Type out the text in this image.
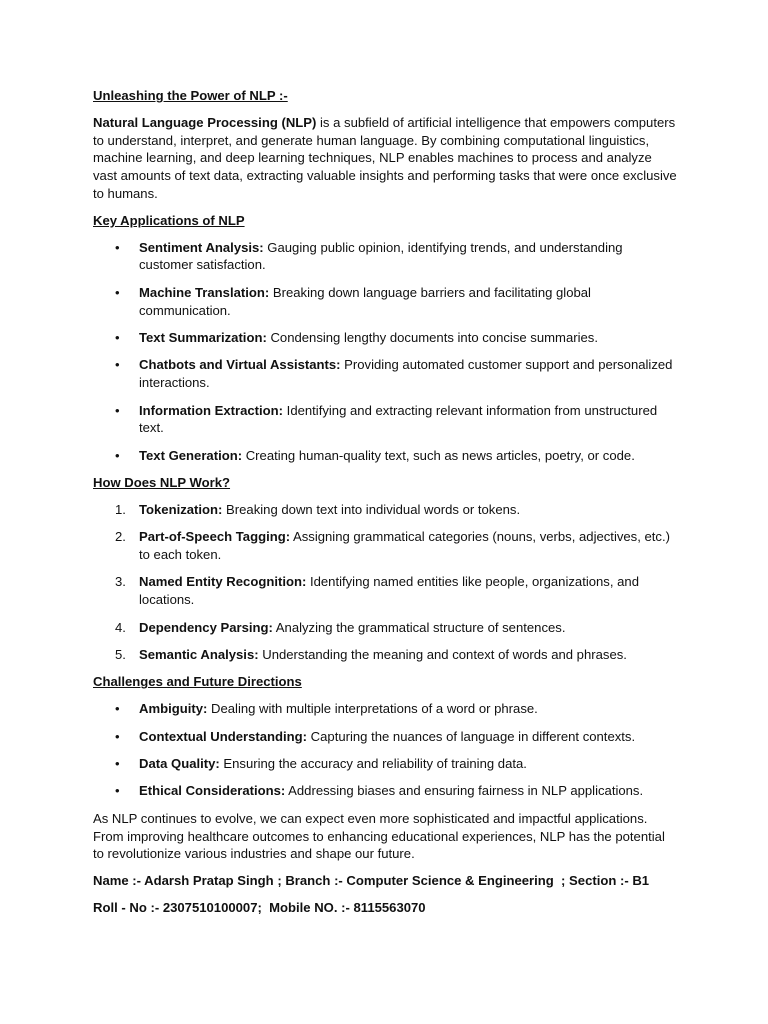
Unleashing the Power of NLP :-

Natural Language Processing (NLP) is a subfield of artificial intelligence that empowers computers to understand, interpret, and generate human language. By combining computational linguistics, machine learning, and deep learning techniques, NLP enables machines to process and analyze vast amounts of text data, extracting valuable insights and performing tasks that were once exclusive to humans.

Key Applications of NLP
•	Sentiment Analysis: Gauging public opinion, identifying trends, and understanding customer satisfaction.
•	Machine Translation: Breaking down language barriers and facilitating global communication.
•	Text Summarization: Condensing lengthy documents into concise summaries.
•	Chatbots and Virtual Assistants: Providing automated customer support and personalized interactions.
•	Information Extraction: Identifying and extracting relevant information from unstructured text.
•	Text Generation: Creating human-quality text, such as news articles, poetry, or code.
How Does NLP Work?
1. Tokenization: Breaking down text into individual words or tokens.
2. Part-of-Speech Tagging: Assigning grammatical categories (nouns, verbs, adjectives, etc.) to each token.
3. Named Entity Recognition: Identifying named entities like people, organizations, and locations.
4. Dependency Parsing: Analyzing the grammatical structure of sentences.
5. Semantic Analysis: Understanding the meaning and context of words and phrases.
Challenges and Future Directions
•	Ambiguity: Dealing with multiple interpretations of a word or phrase.
•	Contextual Understanding: Capturing the nuances of language in different contexts.
•	Data Quality: Ensuring the accuracy and reliability of training data.
•	Ethical Considerations: Addressing biases and ensuring fairness in NLP applications.

As NLP continues to evolve, we can expect even more sophisticated and impactful applications. From improving healthcare outcomes to enhancing educational experiences, NLP has the potential to revolutionize various industries and shape our future.

Name :- Adarsh Pratap Singh ; Branch :- Computer Science & Engineering  ; Section :- B1
Roll - No :- 2307510100007;  Mobile NO. :- 8115563070
